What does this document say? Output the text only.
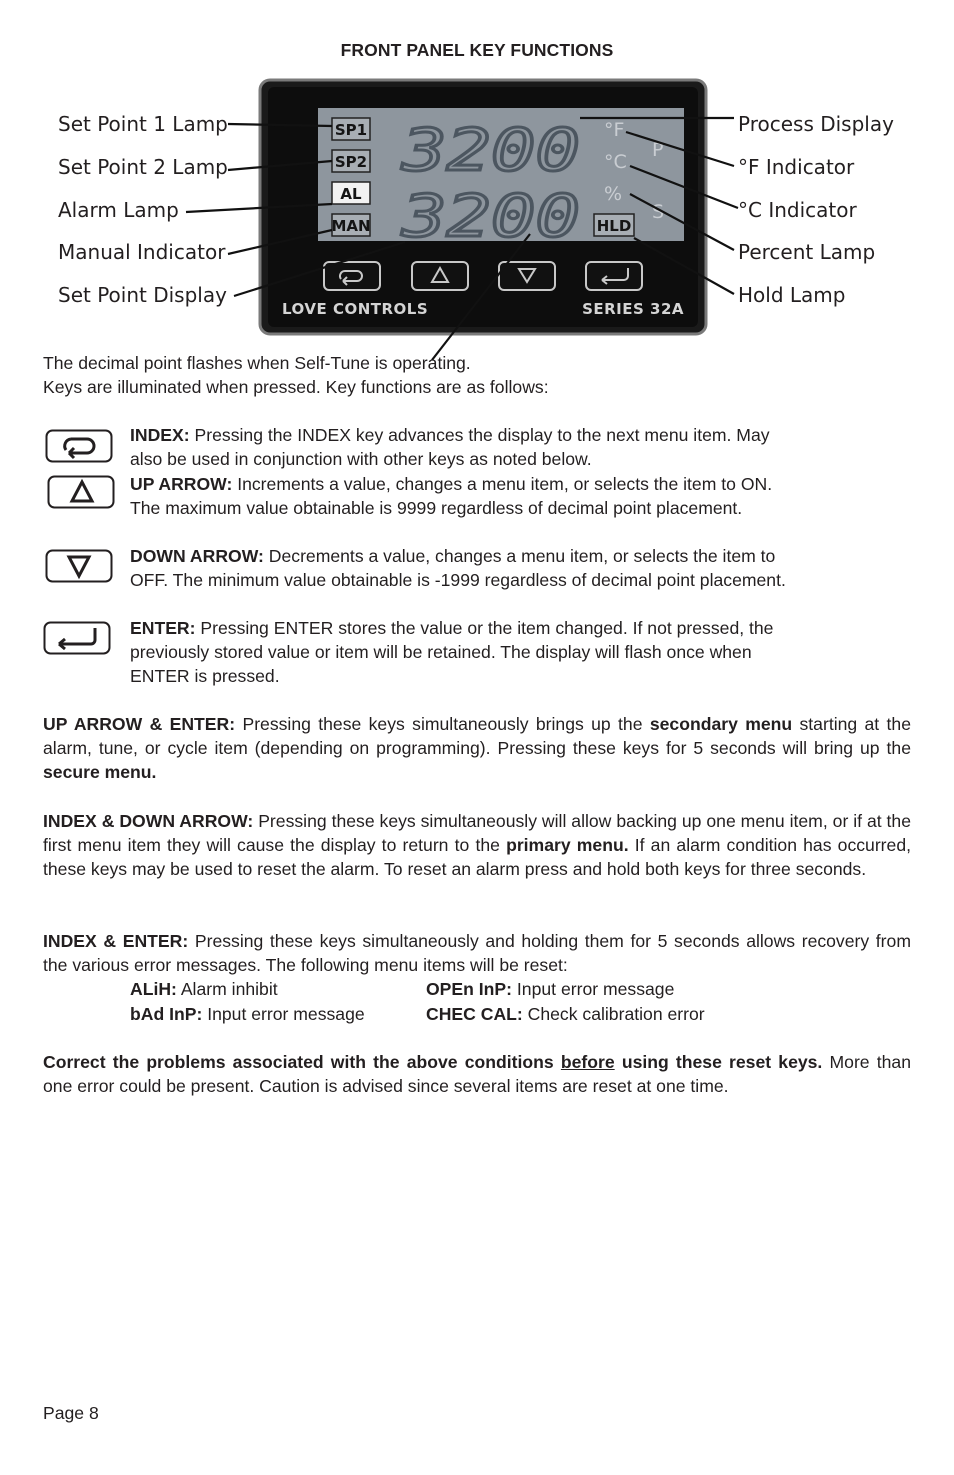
FRONT PANEL KEY FUNCTIONS
SP1
SP2
AL
MAN	HLD
3200
3200
°F
°C
%
P
S
LOVE CONTROLS	SERIES 32A
Set Point 1 Lamp
Set Point 2 Lamp
Alarm Lamp
Manual Indicator
Set Point Display
Process Display
°F Indicator
°C Indicator
Percent Lamp
Hold Lamp

The decimal point flashes when Self-Tune is operating.

Keys are illuminated when pressed. Key functions are as follows:

INDEX: Pressing the INDEX key advances the display to the next menu item. May also be used in conjunction with other keys as noted below.

UP ARROW: Increments a value, changes a menu item, or selects the item to ON. The maximum value obtainable is 9999 regardless of decimal point placement.

DOWN ARROW: Decrements a value, changes a menu item, or selects the item to OFF. The minimum value obtainable is -1999 regardless of decimal point placement.

ENTER: Pressing ENTER stores the value or the item changed. If not pressed, the previously stored value or item will be retained. The display will flash once when ENTER is pressed.

UP ARROW & ENTER: Pressing these keys simultaneously brings up the secondary menu starting at the alarm, tune, or cycle item (depending on programming). Pressing these keys for 5 seconds will bring up the secure menu.

INDEX & DOWN ARROW: Pressing these keys simultaneously will allow backing up one menu item, or if at the first menu item they will cause the display to return to the primary menu. If an alarm condition has occurred, these keys may be used to reset the alarm. To reset an alarm press and hold both keys for three seconds.

INDEX & ENTER: Pressing these keys simultaneously and holding them for 5 seconds allows recovery from the various error messages. The following menu items will be reset:

ALiH: Alarm inhibit	OPEn InP: Input error message
bAd InP: Input error message	CHEC CAL: Check calibration error

Correct the problems associated with the above conditions before using these reset keys. More than one error could be present. Caution is advised since several items are reset at one time.

Page 8
